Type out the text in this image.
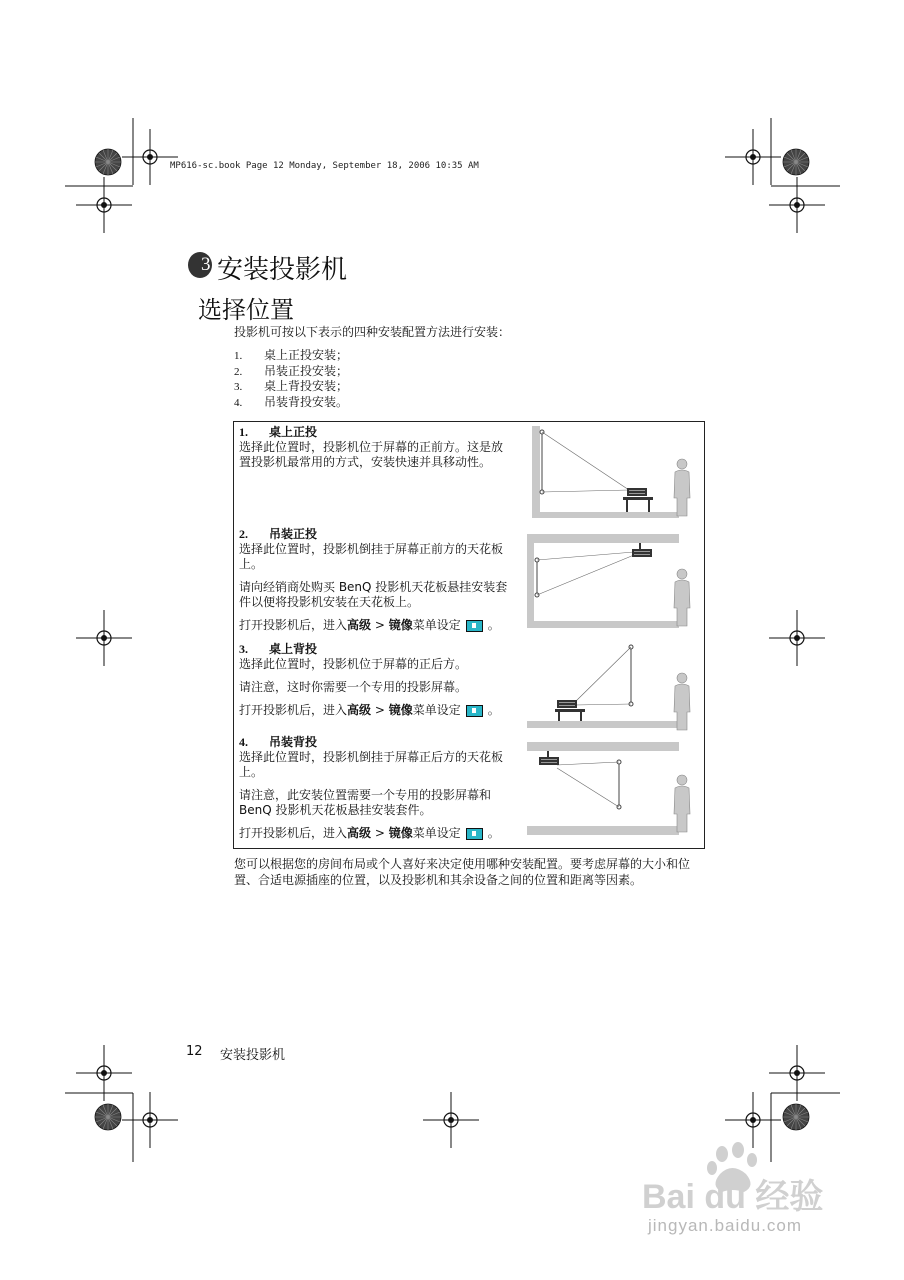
MP616-sc.book Page 12 Monday, September 18, 2006 10:35 AM
3 安装投影机
选择位置
投影机可按以下表示的四种安装配置方法进行安装：
1. 桌上正投安装；
2. 吊装正投安装；
3. 桌上背投安装；
4. 吊装背投安装。
1. 桌上正投

选择此位置时，投影机位于屏幕的正前方。这是放置投影机最常用的方式，安装快速并具移动性。

2. 吊装正投

选择此位置时，投影机倒挂于屏幕正前方的天花板上。

请向经销商处购买 BenQ 投影机天花板悬挂安装套件以便将投影机安装在天花板上。

打开投影机后，进入高级 > 镜像菜单设定 。

3. 桌上背投

选择此位置时，投影机位于屏幕的正后方。

请注意，这时你需要一个专用的投影屏幕。

打开投影机后，进入高级 > 镜像菜单设定 。

4. 吊装背投

选择此位置时，投影机倒挂于屏幕正后方的天花板上。

请注意，此安装位置需要一个专用的投影屏幕和 BenQ 投影机天花板悬挂安装套件。

打开投影机后，进入高级 > 镜像菜单设定 。

您可以根据您的房间布局或个人喜好来决定使用哪种安装配置。要考虑屏幕的大小和位置、合适电源插座的位置，以及投影机和其余设备之间的位置和距离等因素。
12 安装投影机
Bai du 经验
jingyan.baidu.com
